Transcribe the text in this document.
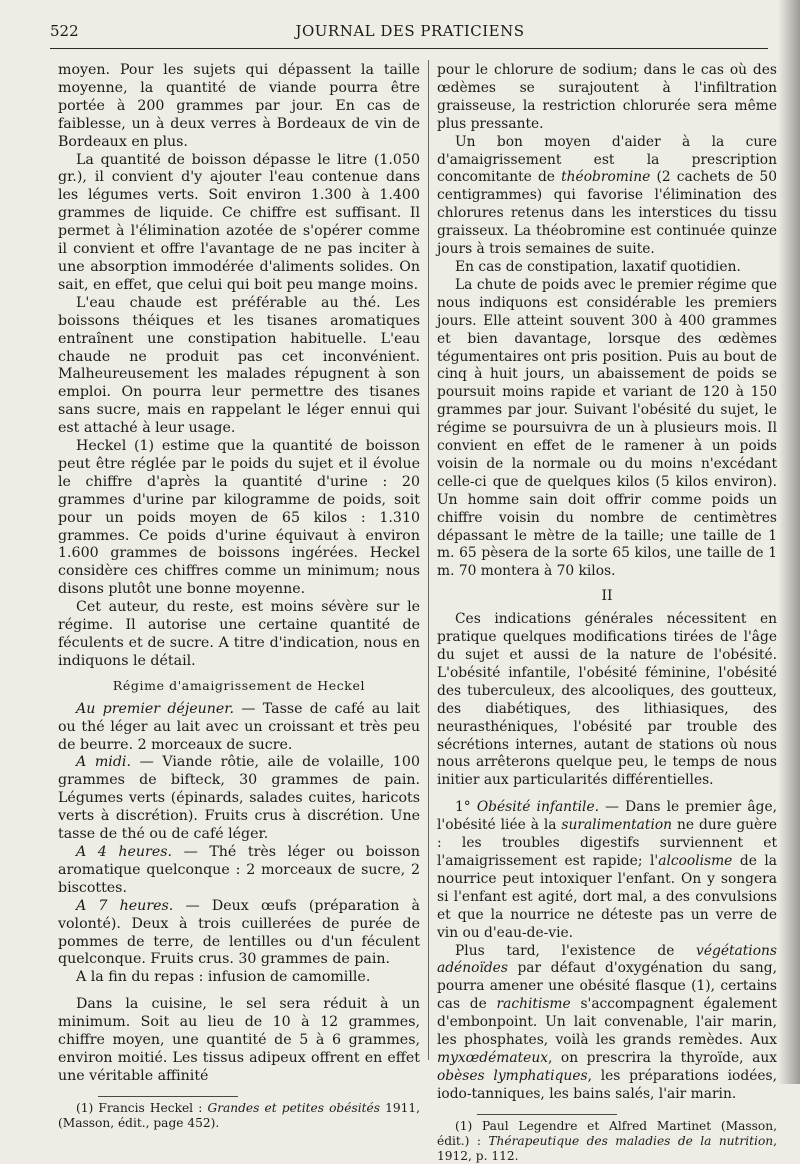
522	JOURNAL DES PRATICIENS

moyen. Pour les sujets qui dépassent la taille moyenne, la quantité de viande pourra être portée à 200 grammes par jour. En cas de faiblesse, un à deux verres à Bordeaux de vin de Bordeaux en plus.

La quantité de boisson dépasse le litre (1.050 gr.), il convient d'y ajouter l'eau contenue dans les légumes verts. Soit environ 1.300 à 1.400 grammes de liquide. Ce chiffre est suffisant. Il permet à l'élimination azotée de s'opérer comme il convient et offre l'avantage de ne pas inciter à une absorption immodérée d'aliments solides. On sait, en effet, que celui qui boit peu mange moins.

L'eau chaude est préférable au thé. Les boissons théiques et les tisanes aromatiques entraînent une constipation habituelle. L'eau chaude ne produit pas cet inconvénient. Malheureusement les malades répugnent à son emploi. On pourra leur permettre des tisanes sans sucre, mais en rappelant le léger ennui qui est attaché à leur usage.

Heckel (1) estime que la quantité de boisson peut être réglée par le poids du sujet et il évolue le chiffre d'après la quantité d'urine : 20 grammes d'urine par kilogramme de poids, soit pour un poids moyen de 65 kilos : 1.310 grammes. Ce poids d'urine équivaut à environ 1.600 grammes de boissons ingérées. Heckel considère ces chiffres comme un minimum; nous disons plutôt une bonne moyenne.

Cet auteur, du reste, est moins sévère sur le régime. Il autorise une certaine quantité de féculents et de sucre. A titre d'indication, nous en indiquons le détail.

Régime d'amaigrissement de Heckel

Au premier déjeuner. — Tasse de café au lait ou thé léger au lait avec un croissant et très peu de beurre. 2 morceaux de sucre.

A midi. — Viande rôtie, aile de volaille, 100 grammes de bifteck, 30 grammes de pain. Légumes verts (épinards, salades cuites, haricots verts à discrétion). Fruits crus à discrétion. Une tasse de thé ou de café léger.

A 4 heures. — Thé très léger ou boisson aromatique quelconque : 2 morceaux de sucre, 2 biscottes.

A 7 heures. — Deux œufs (préparation à volonté). Deux à trois cuillerées de purée de pommes de terre, de lentilles ou d'un féculent quelconque. Fruits crus. 30 grammes de pain.

A la fin du repas : infusion de camomille.

Dans la cuisine, le sel sera réduit à un minimum. Soit au lieu de 10 à 12 grammes, chiffre moyen, une quantité de 5 à 6 grammes, environ moitié. Les tissus adipeux offrent en effet une véritable affinité

(1) Francis Heckel : Grandes et petites obésités 1911, (Masson, édit., page 452).

pour le chlorure de sodium; dans le cas où des œdèmes se surajoutent à l'infiltration graisseuse, la restriction chlorurée sera même plus pressante.

Un bon moyen d'aider à la cure d'amaigrissement est la prescription concomitante de théobromine (2 cachets de 50 centigrammes) qui favorise l'élimination des chlorures retenus dans les interstices du tissu graisseux. La théobromine est continuée quinze jours à trois semaines de suite.

En cas de constipation, laxatif quotidien.

La chute de poids avec le premier régime que nous indiquons est considérable les premiers jours. Elle atteint souvent 300 à 400 grammes et bien davantage, lorsque des œdèmes tégumentaires ont pris position. Puis au bout de cinq à huit jours, un abaissement de poids se poursuit moins rapide et variant de 120 à 150 grammes par jour. Suivant l'obésité du sujet, le régime se poursuivra de un à plusieurs mois. Il convient en effet de le ramener à un poids voisin de la normale ou du moins n'excédant celle-ci que de quelques kilos (5 kilos environ). Un homme sain doit offrir comme poids un chiffre voisin du nombre de centimètres dépassant le mètre de la taille; une taille de 1 m. 65 pèsera de la sorte 65 kilos, une taille de 1 m. 70 montera à 70 kilos.

II

Ces indications générales nécessitent en pratique quelques modifications tirées de l'âge du sujet et aussi de la nature de l'obésité. L'obésité infantile, l'obésité féminine, l'obésité des tuberculeux, des alcooliques, des goutteux, des diabétiques, des lithiasiques, des neurasthéniques, l'obésité par trouble des sécrétions internes, autant de stations où nous nous arrêterons quelque peu, le temps de nous initier aux particularités différentielles.

1° Obésité infantile. — Dans le premier âge, l'obésité liée à la suralimentation ne dure guère : les troubles digestifs surviennent et l'amaigrissement est rapide; l'alcoolisme de la nourrice peut intoxiquer l'enfant. On y songera si l'enfant est agité, dort mal, a des convulsions et que la nourrice ne déteste pas un verre de vin ou d'eau-de-vie.

Plus tard, l'existence de végétations adénoïdes par défaut d'oxygénation du sang, pourra amener une obésité flasque (1), certains cas de rachitisme s'accompagnent également d'embonpoint. Un lait convenable, l'air marin, les phosphates, voilà les grands remèdes. Aux myxœdémateux, on prescrira la thyroïde, aux obèses lymphatiques, les préparations iodées, iodo-tanniques, les bains salés, l'air marin.

(1) Paul Legendre et Alfred Martinet (Masson, édit.) : Thérapeutique des maladies de la nutrition, 1912, p. 112.
